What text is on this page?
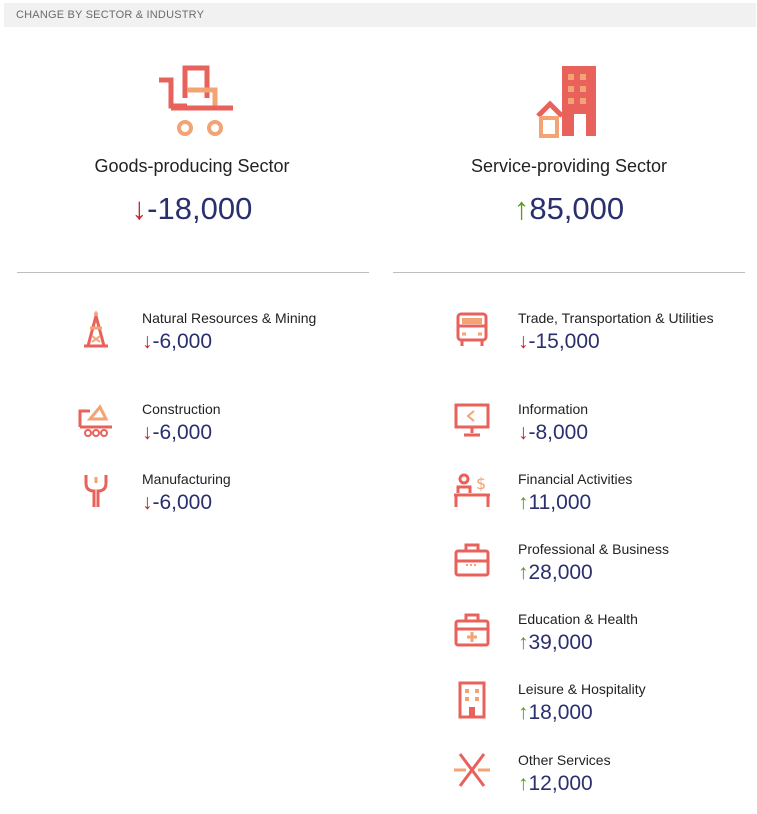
CHANGE BY SECTOR & INDUSTRY
Goods-producing Sector
↓-18,000
Service-providing Sector
↑85,000
Natural Resources & Mining
↓-6,000
Construction
↓-6,000
Manufacturing
↓-6,000
Trade, Transportation & Utilities
↓-15,000
Information
↓-8,000
$ Financial Activities
↑11,000
Professional & Business
↑28,000
Education & Health
↑39,000
Leisure & Hospitality
↑18,000
Other Services
↑12,000
